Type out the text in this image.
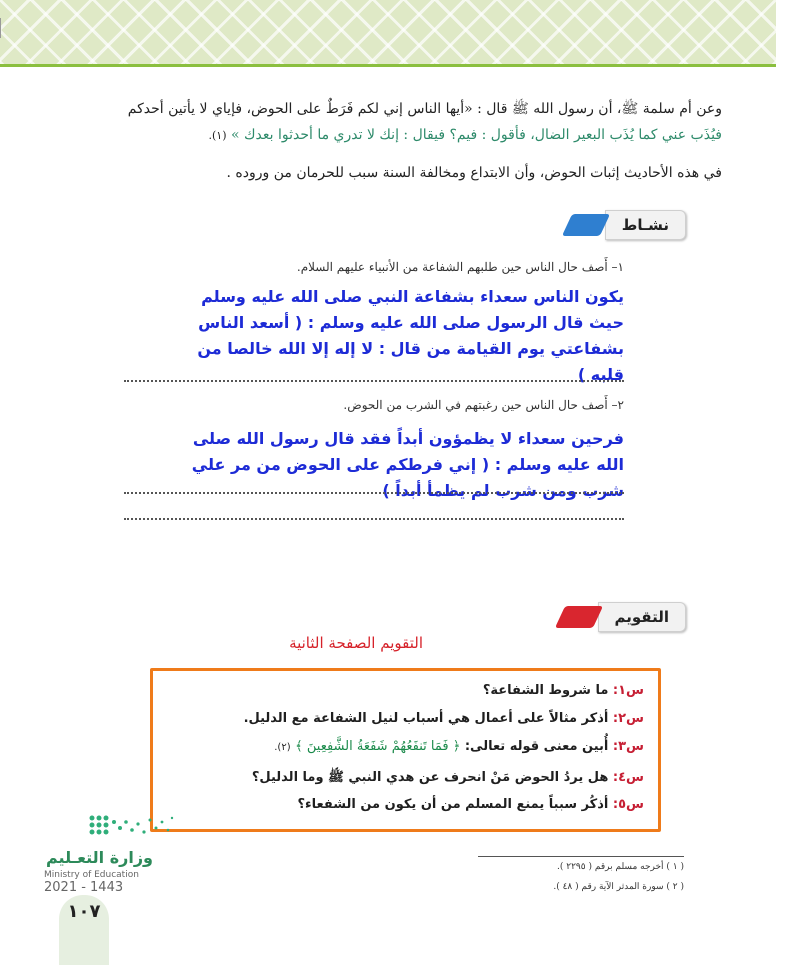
وعن أم سلمة ﷺ، أن رسول الله ﷺ قال : «أيها الناس إني لكم فَرَطٌ على الحوض، فإياي لا يأتين أحدكم
فيُذَب عني كما يُذَب البعير الضال، فأقول : فيم؟ فيقال : إنك لا تدري ما أحدثوا بعدك » (١).
في هذه الأحاديث إثبات الحوض، وأن الابتداع ومخالفة السنة سبب للحرمان من وروده .
نشـاط
١– أَصف حال الناس حين طلبهم الشفاعة من الأنبياء عليهم السلام.
يكون الناس سعداء بشفاعة النبي صلى الله عليه وسلم حيث قال الرسول صلى الله عليه وسلم : ( أسعد الناس بشفاعتي يوم القيامة من قال : لا إله إلا الله خالصا من قلبه )
٢– أَصف حال الناس حين رغبتهم في الشرب من الحوض.
فرحين سعداء لا يظمؤون أبداً فقد قال رسول الله صلى الله عليه وسلم : ( إني فرطكم على الحوض من مر علي شرب ومن شرب لم يظمأ أبداً )
التقويم
التقويم الصفحة الثانية
س١: ما شروط الشفاعة؟
س٢: أذكر مثالاً على أعمال هي أسباب لنيل الشفاعة مع الدليل.
س٣: أُبين معنى قوله تعالى: ﴿ فَمَا تَنفَعُهُمْ شَفَعَةُ الشَّفِعِينَ ﴾ (٢).
س٤: هل يردُ الحوض مَنْ انحرف عن هدي النبي ﷺ وما الدليل؟
س٥: أذكُر سبباً يمنع المسلم من أن يكون من الشفعاء؟
( ١ ) أخرجه مسلم برقم ( ٢٢٩٥ ).
( ٢ ) سورة المدثر الآية رقم ( ٤٨ ).
وزارة التعـليم
Ministry of Education
2021 - 1443
١٠٧
